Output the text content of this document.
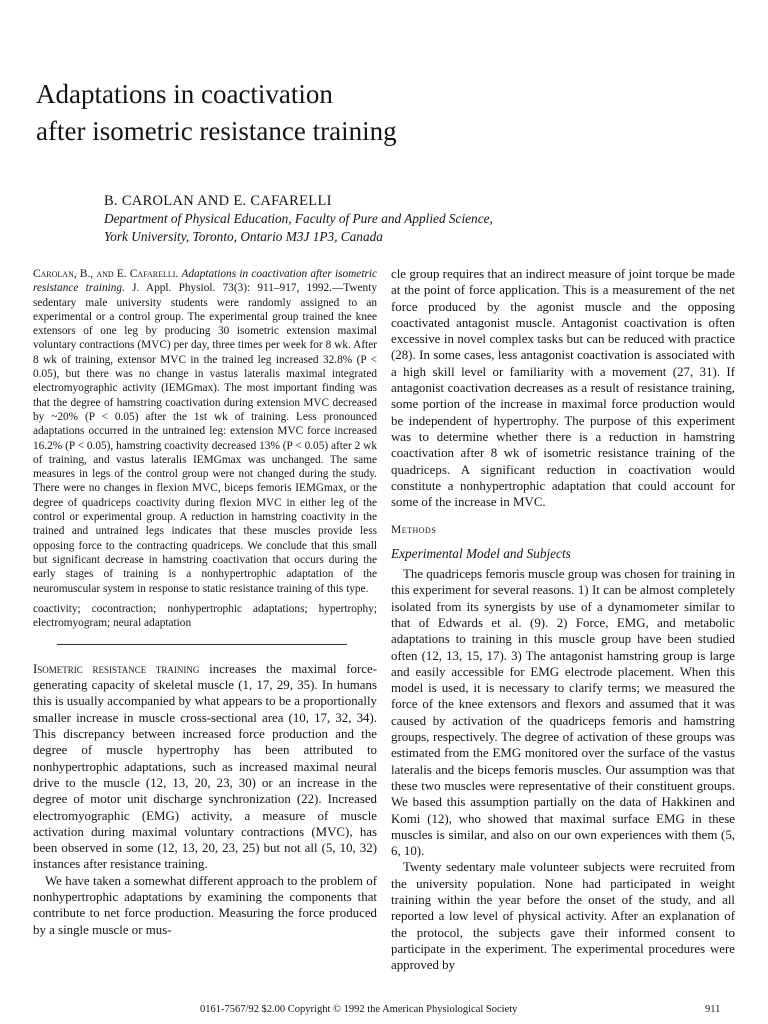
Adaptations in coactivation
after isometric resistance training
B. CAROLAN AND E. CAFARELLI
Department of Physical Education, Faculty of Pure and Applied Science,
York University, Toronto, Ontario M3J 1P3, Canada

Carolan, B., and E. Cafarelli. Adaptations in coactivation after isometric resistance training. J. Appl. Physiol. 73(3): 911–917, 1992.—Twenty sedentary male university students were randomly assigned to an experimental or a control group. The experimental group trained the knee extensors of one leg by producing 30 isometric extension maximal voluntary contractions (MVC) per day, three times per week for 8 wk. After 8 wk of training, extensor MVC in the trained leg increased 32.8% (P < 0.05), but there was no change in vastus lateralis maximal integrated electromyographic activity (IEMGmax). The most important finding was that the degree of hamstring coactivation during extension MVC decreased by ~20% (P < 0.05) after the 1st wk of training. Less pronounced adaptations occurred in the untrained leg: extension MVC force increased 16.2% (P < 0.05), hamstring coactivity decreased 13% (P < 0.05) after 2 wk of training, and vastus lateralis IEMGmax was unchanged. The same measures in legs of the control group were not changed during the study. There were no changes in flexion MVC, biceps femoris IEMGmax, or the degree of quadriceps coactivity during flexion MVC in either leg of the control or experimental group. A reduction in hamstring coactivity in the trained and untrained legs indicates that these muscles provide less opposing force to the contracting quadriceps. We conclude that this small but significant decrease in hamstring coactivation that occurs during the early stages of training is a nonhypertrophic adaptation of the neuromuscular system in response to static resistance training of this type.

coactivity; cocontraction; nonhypertrophic adaptations; hypertrophy; electromyogram; neural adaptation

Isometric resistance training increases the maximal force-generating capacity of skeletal muscle (1, 17, 29, 35). In humans this is usually accompanied by what appears to be a proportionally smaller increase in muscle cross-sectional area (10, 17, 32, 34). This discrepancy between increased force production and the degree of muscle hypertrophy has been attributed to nonhypertrophic adaptations, such as increased maximal neural drive to the muscle (12, 13, 20, 23, 30) or an increase in the degree of motor unit discharge synchronization (22). Increased electromyographic (EMG) activity, a measure of muscle activation during maximal voluntary contractions (MVC), has been observed in some (12, 13, 20, 23, 25) but not all (5, 10, 32) instances after resistance training.

We have taken a somewhat different approach to the problem of nonhypertrophic adaptations by examining the components that contribute to net force production. Measuring the force produced by a single muscle or mus-

cle group requires that an indirect measure of joint torque be made at the point of force application. This is a measurement of the net force produced by the agonist muscle and the opposing coactivated antagonist muscle. Antagonist coactivation is often excessive in novel complex tasks but can be reduced with practice (28). In some cases, less antagonist coactivation is associated with a high skill level or familiarity with a movement (27, 31). If antagonist coactivation decreases as a result of resistance training, some portion of the increase in maximal force production would be independent of hypertrophy. The purpose of this experiment was to determine whether there is a reduction in hamstring coactivation after 8 wk of isometric resistance training of the quadriceps. A significant reduction in coactivation would constitute a nonhypertrophic adaptation that could account for some of the increase in MVC.

Methods

Experimental Model and Subjects

The quadriceps femoris muscle group was chosen for training in this experiment for several reasons. 1) It can be almost completely isolated from its synergists by use of a dynamometer similar to that of Edwards et al. (9). 2) Force, EMG, and metabolic adaptations to training in this muscle group have been studied often (12, 13, 15, 17). 3) The antagonist hamstring group is large and easily accessible for EMG electrode placement. When this model is used, it is necessary to clarify terms; we measured the force of the knee extensors and flexors and assumed that it was caused by activation of the quadriceps femoris and hamstring groups, respectively. The degree of activation of these groups was estimated from the EMG monitored over the surface of the vastus lateralis and the biceps femoris muscles. Our assumption was that these two muscles were representative of their constituent groups. We based this assumption partially on the data of Hakkinen and Komi (12), who showed that maximal surface EMG in these muscles is similar, and also on our own experiences with them (5, 6, 10).

Twenty sedentary male volunteer subjects were recruited from the university population. None had participated in weight training within the year before the onset of the study, and all reported a low level of physical activity. After an explanation of the protocol, the subjects gave their informed consent to participate in the experiment. The experimental procedures were approved by

0161-7567/92 $2.00 Copyright © 1992 the American Physiological Society	911
